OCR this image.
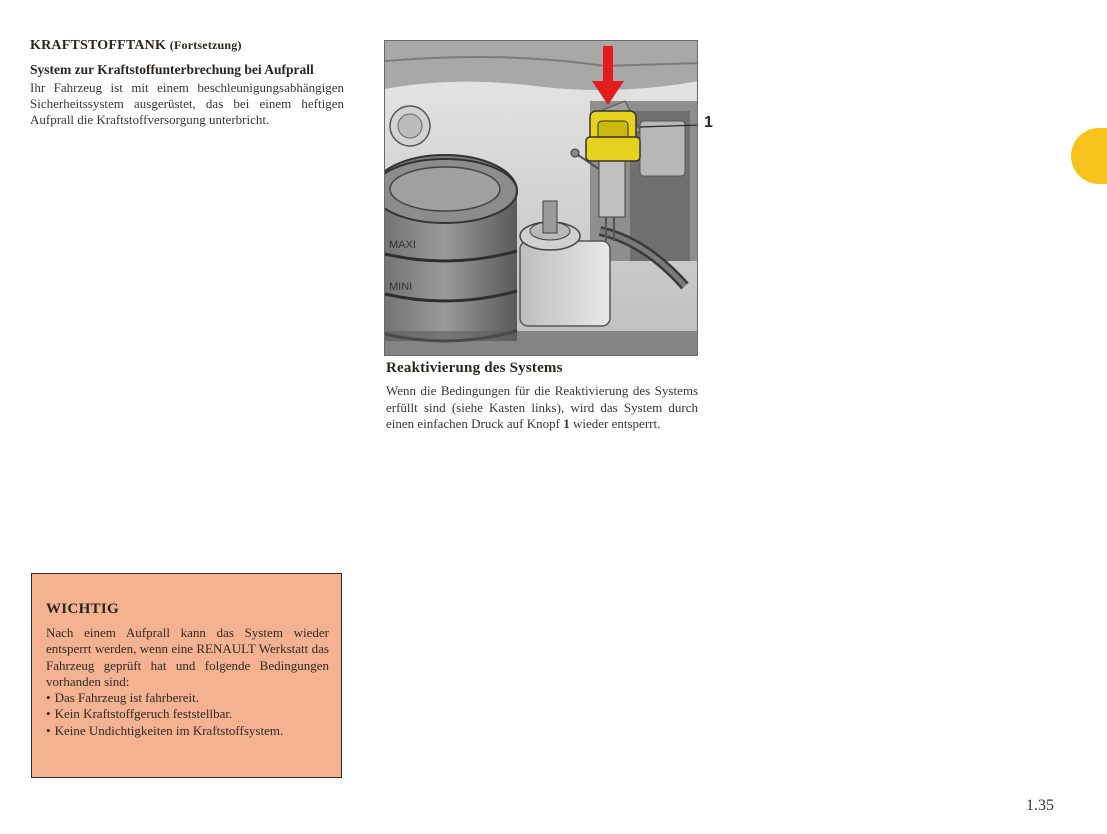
KRAFTSTOFFTANK (Fortsetzung)

System zur Kraftstoffunterbrechung bei Aufprall

Ihr Fahrzeug ist mit einem beschleunigungsabhängigen Sicherheitssystem ausgerüstet, das bei einem heftigen Aufprall die Kraftstoffversorgung unterbricht.

WICHTIG

Nach einem Aufprall kann das System wieder entsperrt werden, wenn eine RENAULT Werkstatt das Fahrzeug geprüft hat und folgende Bedingungen vorhanden sind:

• Das Fahrzeug ist fahrbereit.
• Kein Kraftstoffgeruch feststellbar.
• Keine Undichtigkeiten im Kraftstoffsystem.
MAXI
MINI
1

Reaktivierung des Systems

Wenn die Bedingungen für die Reaktivierung des Systems erfüllt sind (siehe Kasten links), wird das System durch einen einfachen Druck auf Knopf 1 wieder entsperrt.

1.35
